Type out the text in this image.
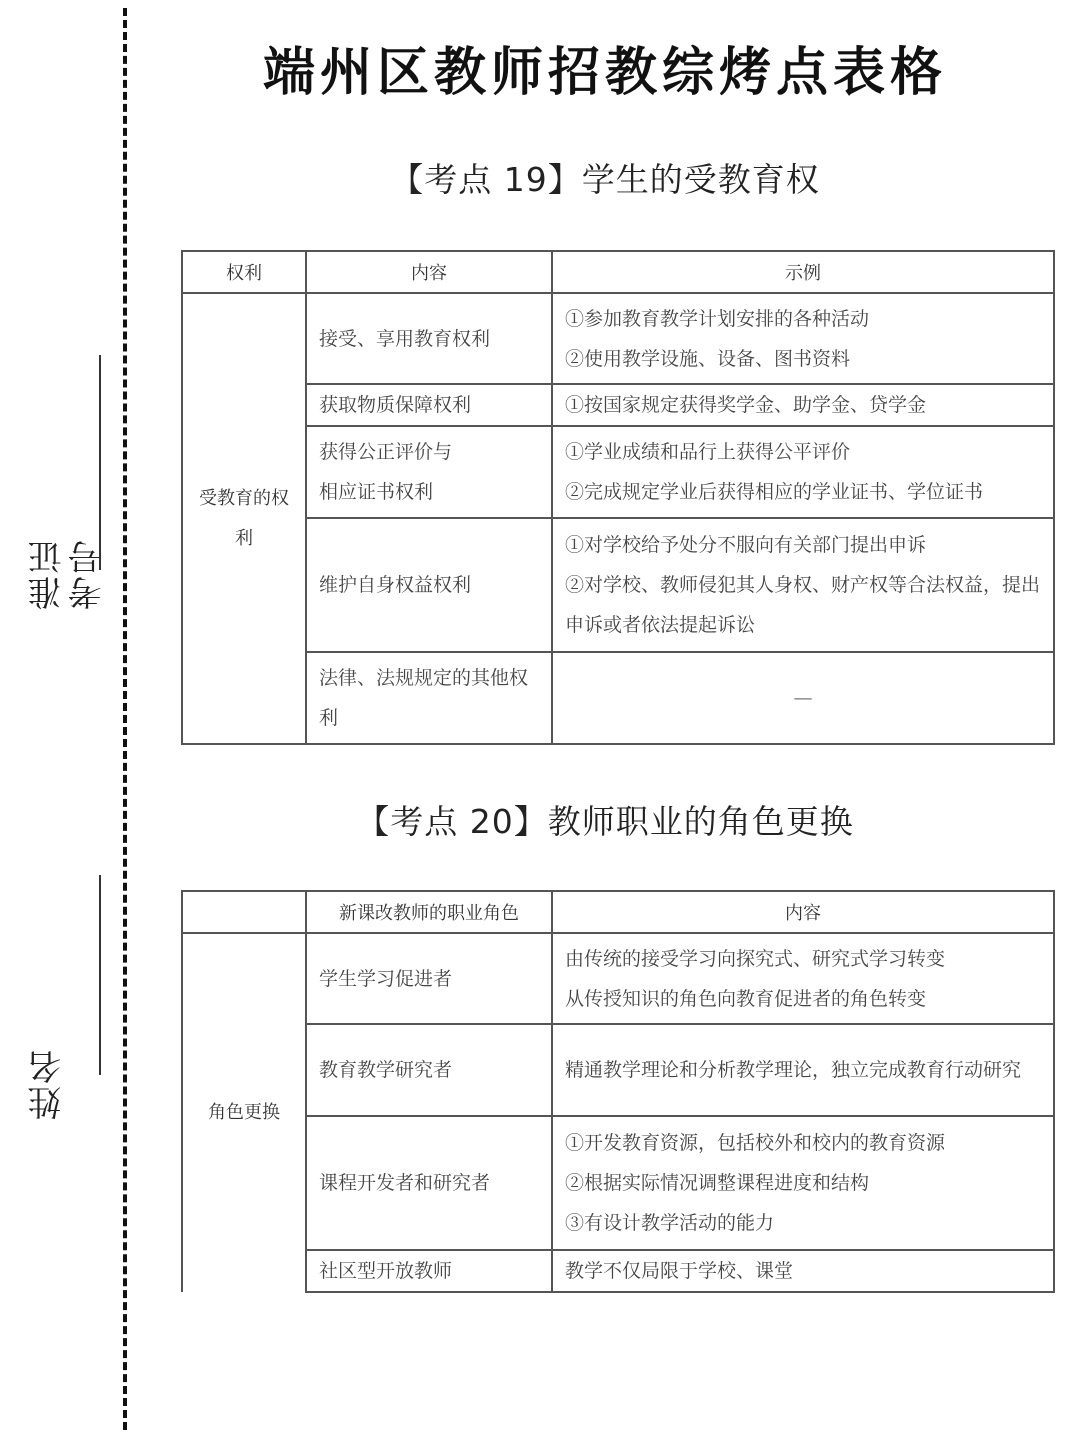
准证考号
姓名
端州区教师招教综烤点表格
【考点 19】学生的受教育权
权利	内容	示例

受教育的权利	接受、享用教育权利	①参加教育教学计划安排的各种活动
②使用教学设施、设备、图书资料

	获取物质保障权利	①按国家规定获得奖学金、助学金、贷学金

	获得公正评价与相应证书权利	①学业成绩和品行上获得公平评价
②完成规定学业后获得相应的学业证书、学位证书

	维护自身权益权利	①对学校给予处分不服向有关部门提出申诉
②对学校、教师侵犯其人身权、财产权等合法权益，提出申诉或者依法提起诉讼

	法律、法规规定的其他权利	—
【考点 20】教师职业的角色更换
	新课改教师的职业角色	内容
角色更换	学生学习促进者	由传统的接受学习向探究式、研究式学习转变
从传授知识的角色向教育促进者的角色转变

	教育教学研究者	精通教学理论和分析教学理论，独立完成教育行动研究

	课程开发者和研究者	①开发教育资源，包括校外和校内的教育资源
②根据实际情况调整课程进度和结构
③有设计教学活动的能力

	社区型开放教师	教学不仅局限于学校、课堂
